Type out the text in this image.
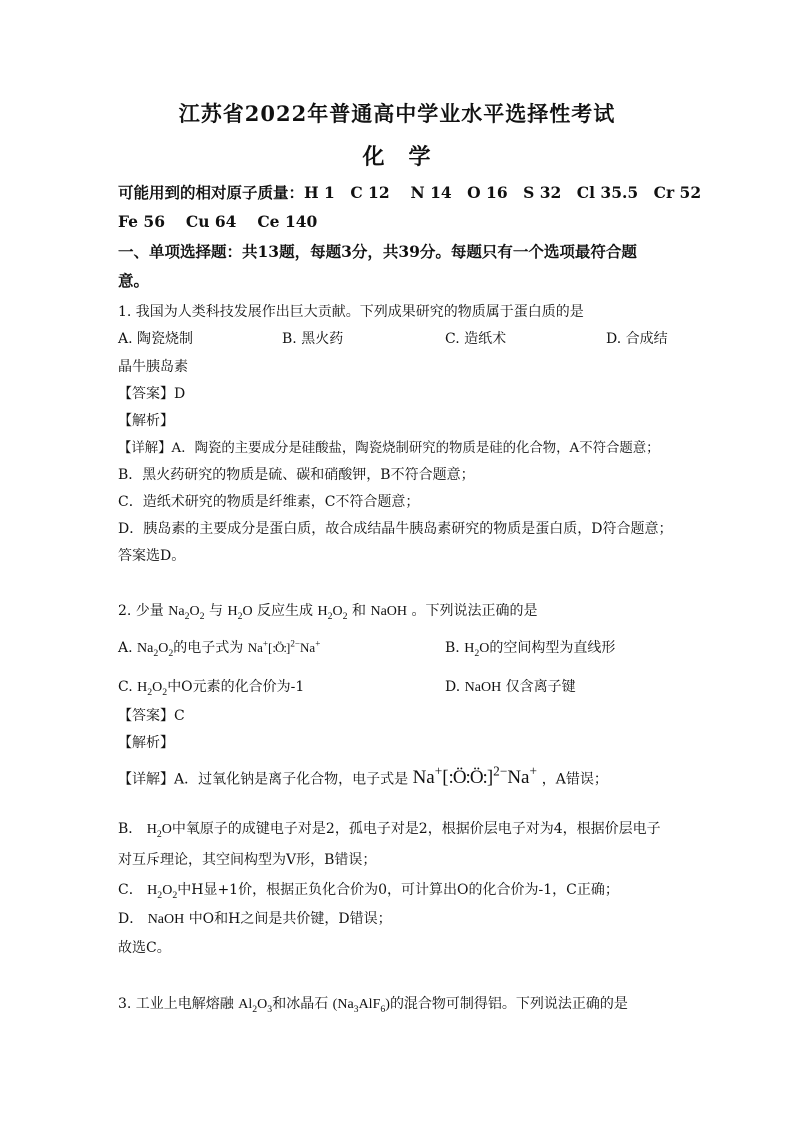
江苏省2022年普通高中学业水平选择性考试
化　学
可能用到的相对原子质量：H 1　C 12　 N 14　O 16　S 32　Cl 35.5　Cr 52
Fe 56　 Cu 64　 Ce 140
一、单项选择题：共13题，每题3分，共39分。每题只有一个选项最符合题
意。
1. 我国为人类科技发展作出巨大贡献。下列成果研究的物质属于蛋白质的是
A. 陶瓷烧制	B. 黑火药	C. 造纸术	D. 合成结
晶牛胰岛素
【答案】D
【解析】
【详解】A．陶瓷的主要成分是硅酸盐，陶瓷烧制研究的物质是硅的化合物，A不符合题意；
B．黑火药研究的物质是硫、碳和硝酸钾，B不符合题意；
C．造纸术研究的物质是纤维素，C不符合题意；
D．胰岛素的主要成分是蛋白质，故合成结晶牛胰岛素研究的物质是蛋白质，D符合题意；
答案选D。
2. 少量 $Na_2O_2$ 与 $H_2O$ 反应生成 $H_2O_2$ 和 NaOH 。下列说法正确的是
A. $Na_2O_2$的电子式为 Na+[:Ö:]$^{2-}$Na+	B. $H_2O$的空间构型为直线形
C. $H_2O_2$中O元素的化合价为-1	D. NaOH 仅含离子键
【答案】C
【解析】
【详解】A．过氧化钠是离子化合物，电子式是 Na+[:Ö:Ö:]$^{2-}$Na+ ，A错误；
B． $H_2O$中氧原子的成键电子对是2，孤电子对是2，根据价层电子对为4，根据价层电子
对互斥理论，其空间构型为V形，B错误；
C． $H_2O_2$中H显+1价，根据正负化合价为0，可计算出O的化合价为-1，C正确；
D． NaOH 中O和H之间是共价键，D错误；
故选C。
3. 工业上电解熔融 $Al_2O_3$和冰晶石 $(Na_3AlF_6)$的混合物可制得铝。下列说法正确的是
